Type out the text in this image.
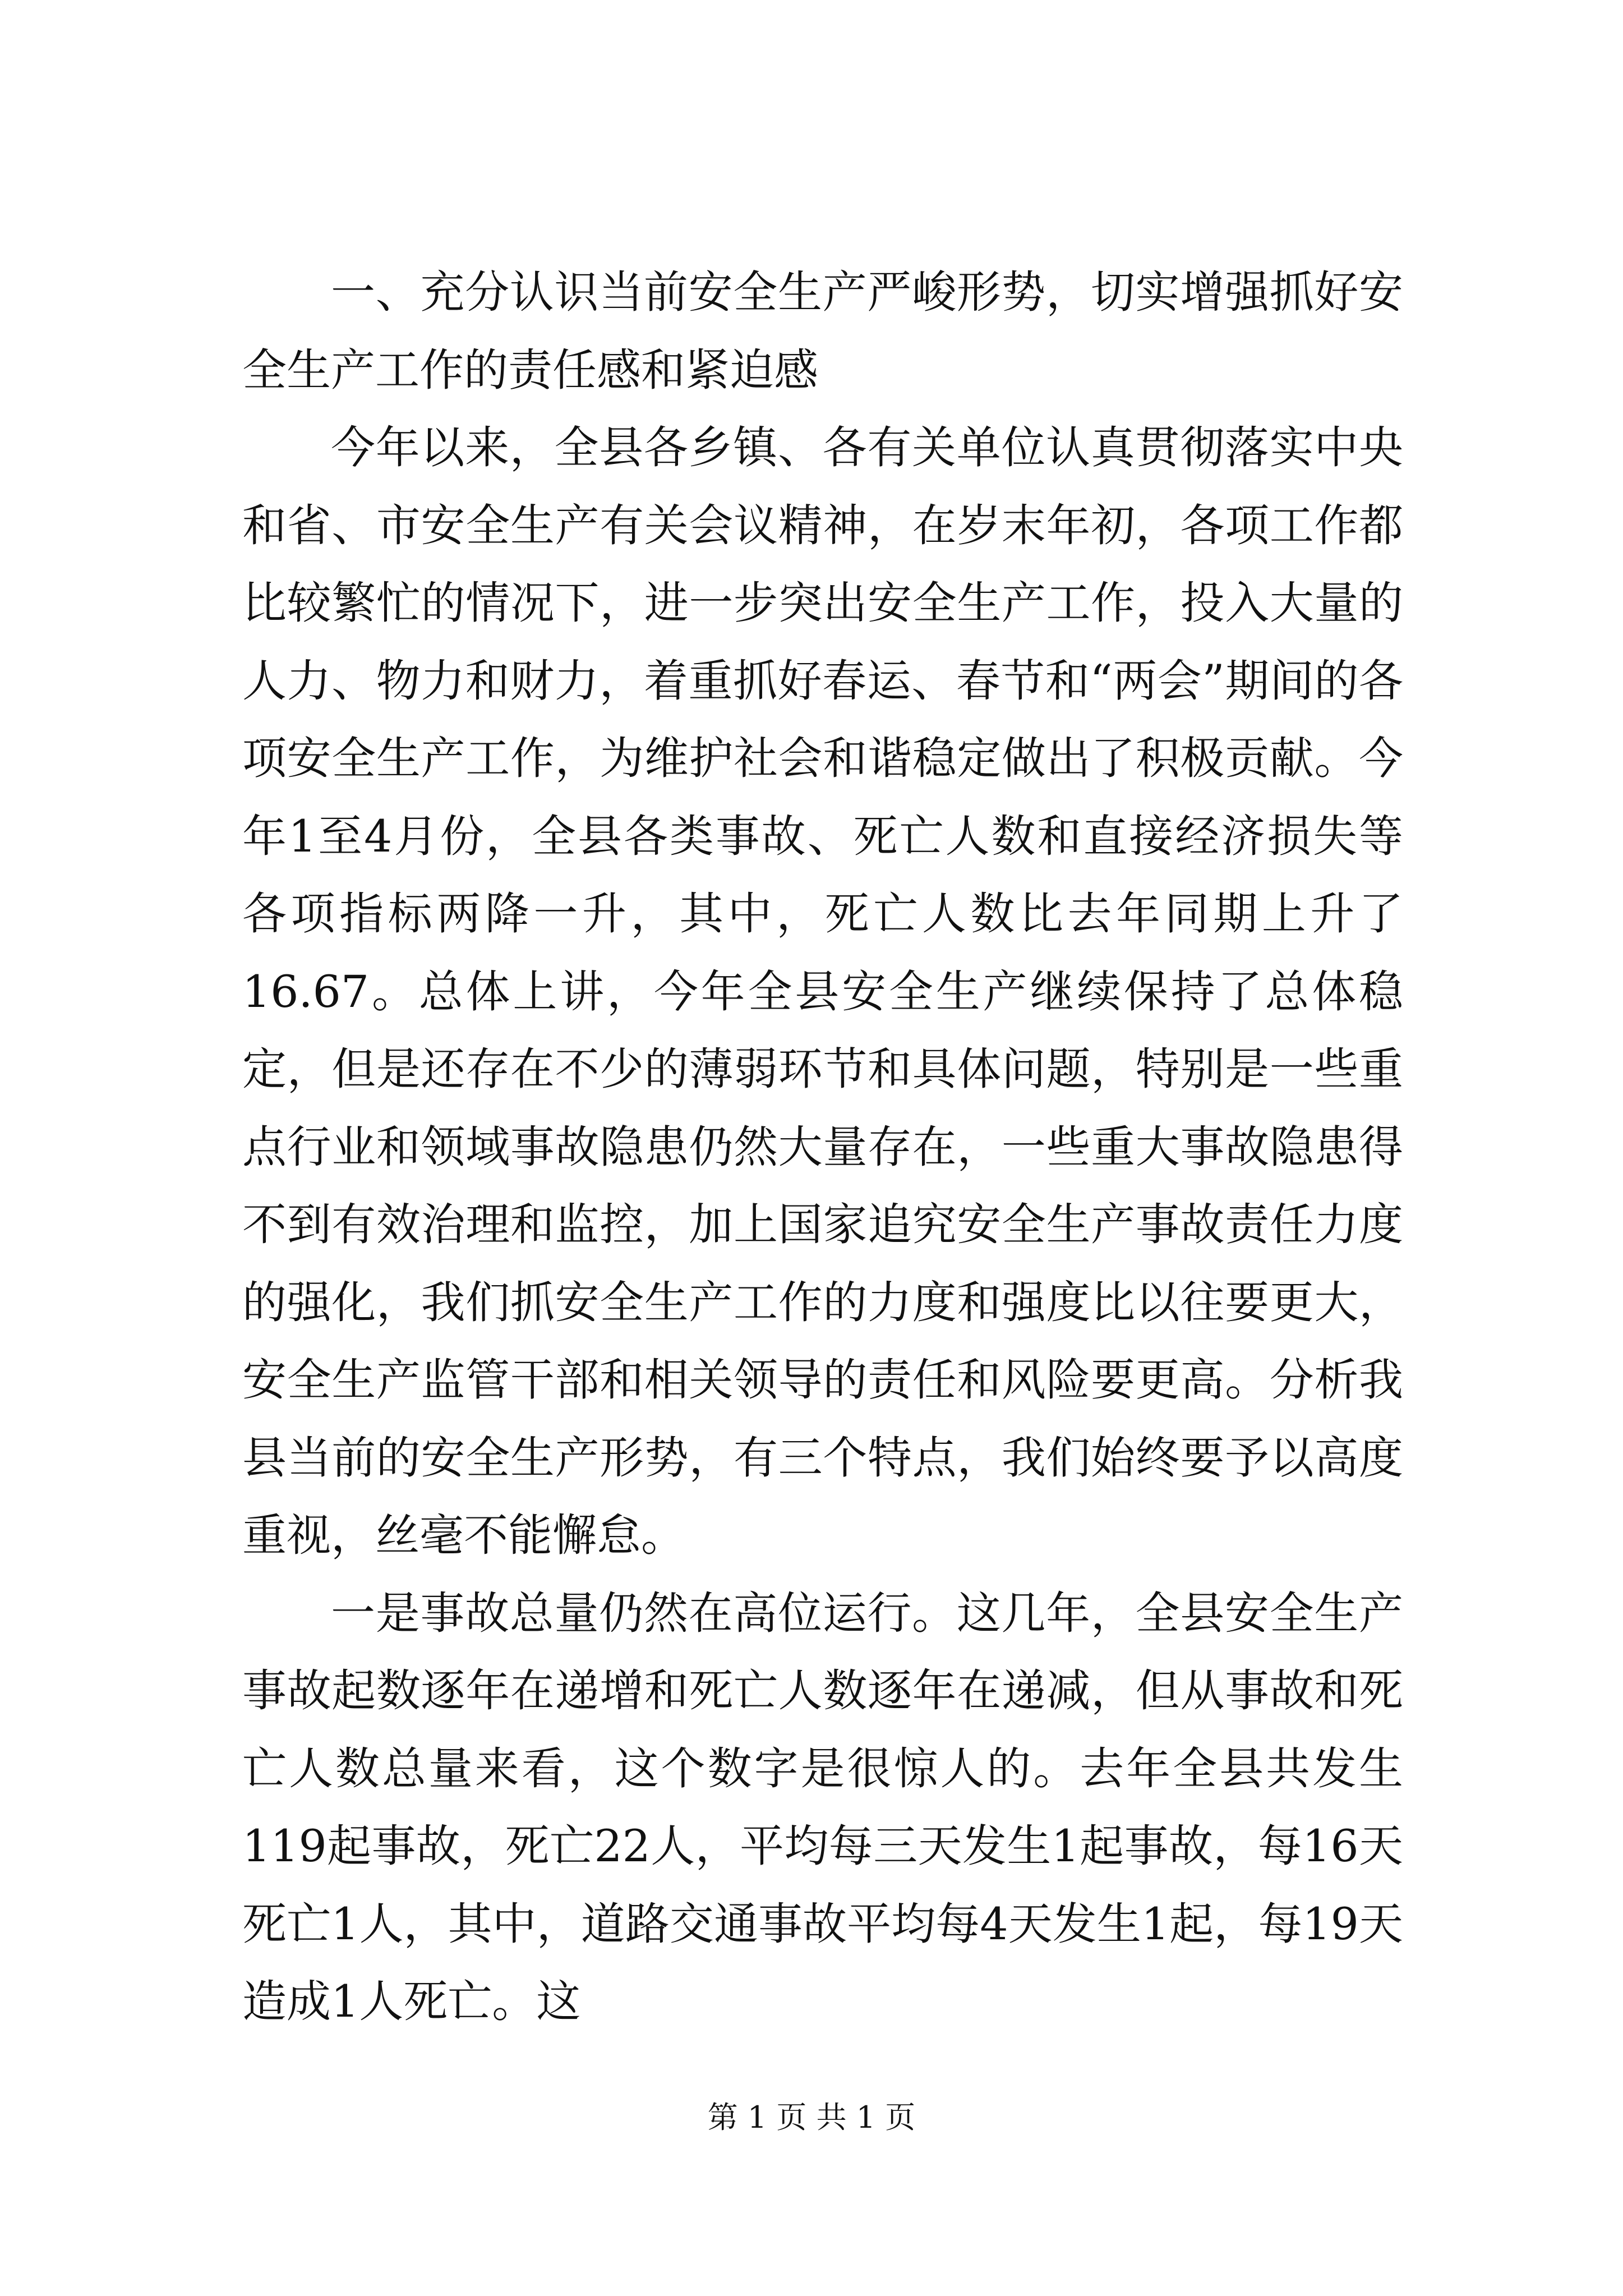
一、充分认识当前安全生产严峻形势，切实增强抓好安全生产工作的责任感和紧迫感

今年以来，全县各乡镇、各有关单位认真贯彻落实中央和省、市安全生产有关会议精神，在岁末年初，各项工作都比较繁忙的情况下，进一步突出安全生产工作，投入大量的人力、物力和财力，着重抓好春运、春节和“两会”期间的各项安全生产工作，为维护社会和谐稳定做出了积极贡献。今年1至4月份，全县各类事故、死亡人数和直接经济损失等各项指标两降一升，其中，死亡人数比去年同期上升了16.67。总体上讲，今年全县安全生产继续保持了总体稳定，但是还存在不少的薄弱环节和具体问题，特别是一些重点行业和领域事故隐患仍然大量存在，一些重大事故隐患得不到有效治理和监控，加上国家追究安全生产事故责任力度的强化，我们抓安全生产工作的力度和强度比以往要更大，安全生产监管干部和相关领导的责任和风险要更高。分析我县当前的安全生产形势，有三个特点，我们始终要予以高度重视，丝毫不能懈怠。

一是事故总量仍然在高位运行。这几年，全县安全生产事故起数逐年在递增和死亡人数逐年在递减，但从事故和死亡人数总量来看，这个数字是很惊人的。去年全县共发生119起事故，死亡22人，平均每三天发生1起事故，每16天死亡1人，其中，道路交通事故平均每4天发生1起，每19天造成1人死亡。这

第 1 页 共 1 页
